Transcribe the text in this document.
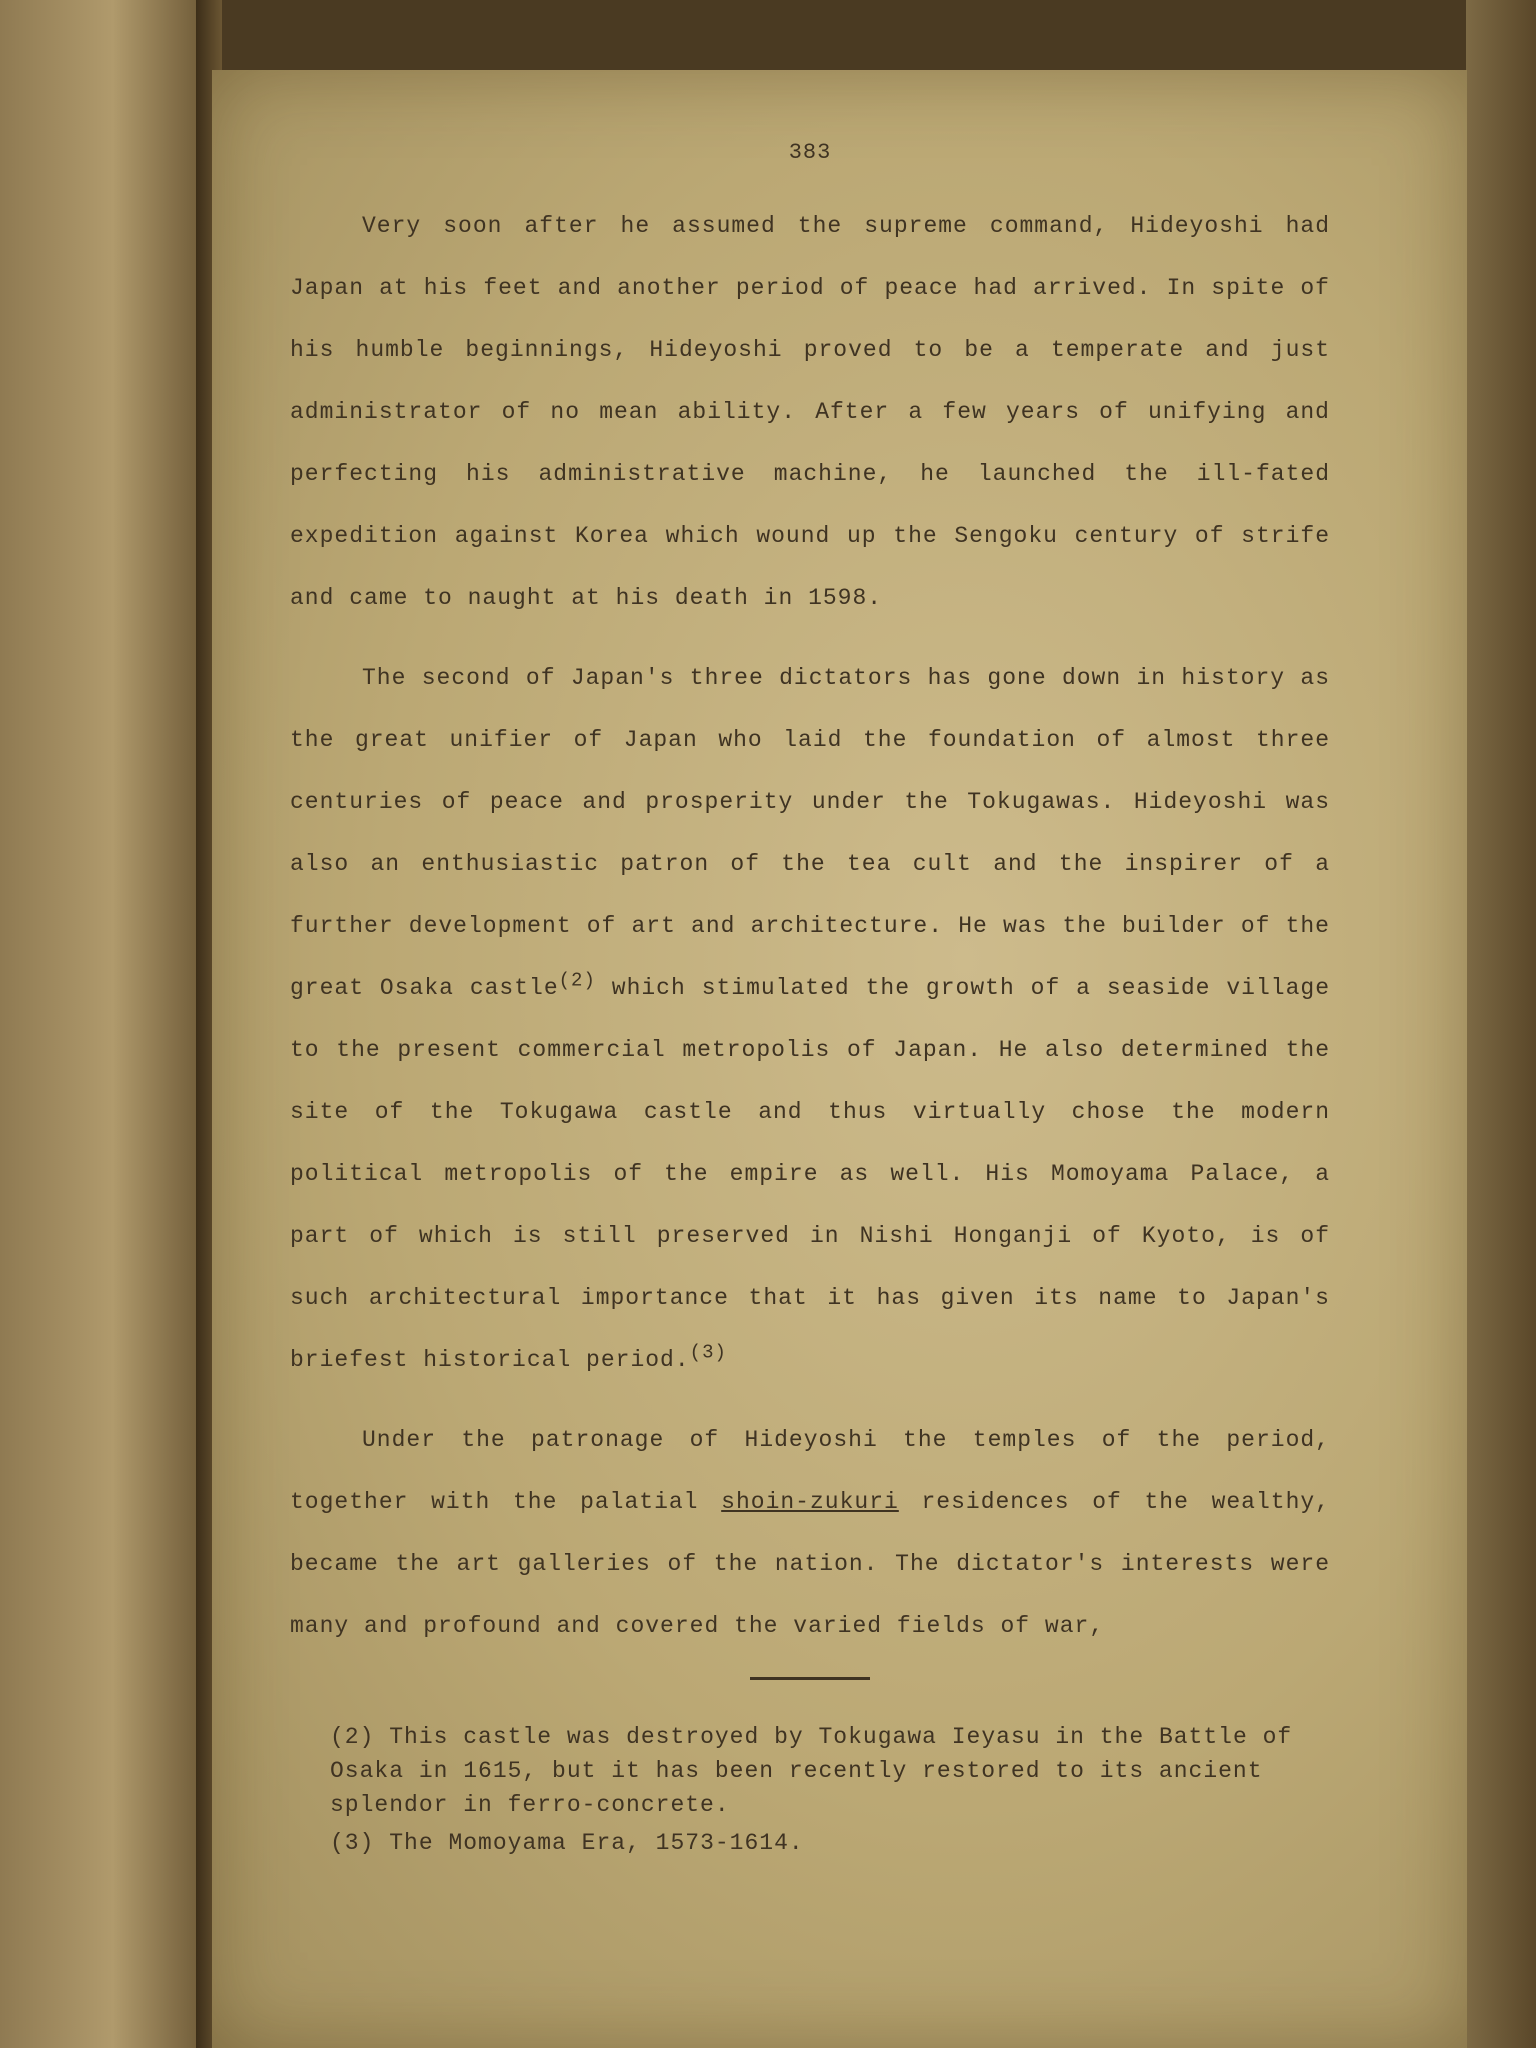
383

Very soon after he assumed the supreme command, Hideyoshi had Japan at his feet and another period of peace had arrived. In spite of his humble beginnings, Hideyoshi proved to be a temperate and just administrator of no mean ability. After a few years of unifying and perfecting his administrative machine, he launched the ill-fated expedition against Korea which wound up the Sengoku century of strife and came to naught at his death in 1598.

The second of Japan's three dictators has gone down in history as the great unifier of Japan who laid the foundation of almost three centuries of peace and prosperity under the Tokugawas. Hideyoshi was also an enthusiastic patron of the tea cult and the inspirer of a further development of art and architecture. He was the builder of the great Osaka castle$^{(2)}$ which stimulated the growth of a seaside village to the present commercial metropolis of Japan. He also determined the site of the Tokugawa castle and thus virtually chose the modern political metropolis of the empire as well. His Momoyama Palace, a part of which is still preserved in Nishi Honganji of Kyoto, is of such architectural importance that it has given its name to Japan's briefest historical period.$^{(3)}$

Under the patronage of Hideyoshi the temples of the period, together with the palatial shoin-zukuri residences of the wealthy, became the art galleries of the nation. The dictator's interests were many and profound and covered the varied fields of war,

(2) This castle was destroyed by Tokugawa Ieyasu in the Battle of Osaka in 1615, but it has been recently restored to its ancient splendor in ferro-concrete.

(3) The Momoyama Era, 1573-1614.
